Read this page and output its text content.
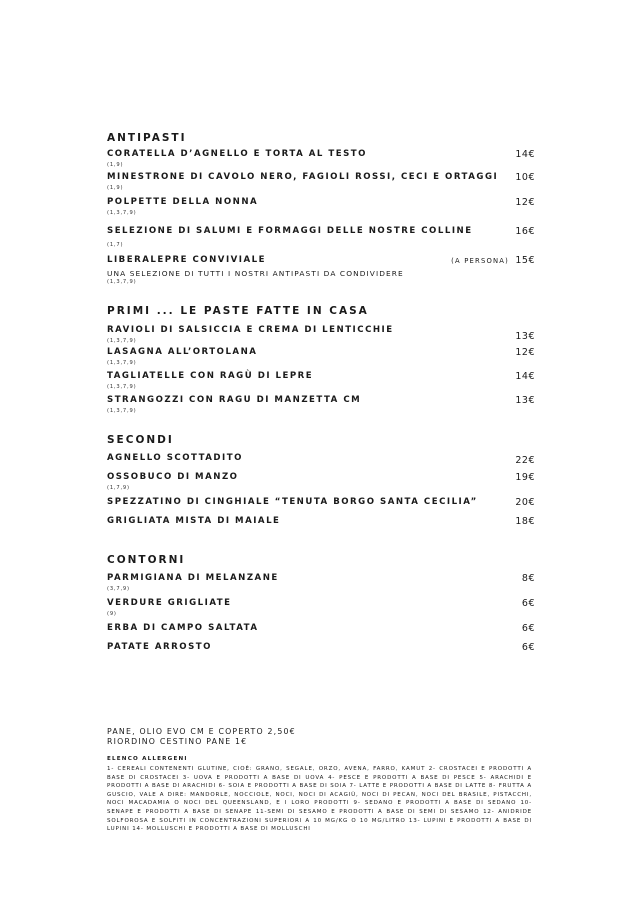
ANTIPASTI
CORATELLA D’AGNELLO E TORTA AL TESTO	14€
(1,9)
MINESTRONE DI CAVOLO NERO, FAGIOLI ROSSI, CECI E ORTAGGI 10€
(1,9)
POLPETTE DELLA NONNA	12€
(1,3,7,9)
SELEZIONE DI SALUMI E FORMAGGI DELLE NOSTRE COLLINE	16€
(1,7)
LIBERALEPRE CONVIVIALE	(A PERSONA) 15€
UNA SELEZIONE DI TUTTI I NOSTRI ANTIPASTI DA CONDIVIDERE
(1,3,7,9)
PRIMI ... LE PASTE FATTE IN CASA
RAVIOLI DI SALSICCIA E CREMA DI LENTICCHIE
13€
(1,3,7,9)
LASAGNA ALL’ORTOLANA	12€
(1,3,7,9)
TAGLIATELLE CON RAGÙ DI LEPRE	14€
(1,3,7,9)
STRANGOZZI CON RAGU DI MANZETTA CM	13€
(1,3,7,9)
SECONDI
AGNELLO SCOTTADITO	22€
OSSOBUCO DI MANZO	19€
(1,7,9)
SPEZZATINO DI CINGHIALE “TENUTA BORGO SANTA CECILIA”	20€
GRIGLIATA MISTA DI MAIALE	18€
CONTORNI
PARMIGIANA DI MELANZANE	8€
(3,7,9)
VERDURE GRIGLIATE	6€
(9)
ERBA DI CAMPO SALTATA	6€
PATATE ARROSTO	6€
PANE, OLIO EVO CM E COPERTO 2,50€
RIORDINO CESTINO PANE 1€
ELENCO ALLERGENI
1- CEREALI CONTENENTI GLUTINE, CIOÈ: GRANO, SEGALE, ORZO, AVENA, FARRO, KAMUT 2- CROSTACEI E PRODOTTI A BASE DI CROSTACEI 3- UOVA E PRODOTTI A BASE DI UOVA 4- PESCE E PRODOTTI A BASE DI PESCE 5- ARACHIDI E PRODOTTI A BASE DI ARACHIDI 6- SOIA E PRODOTTI A BASE DI SOIA 7- LATTE E PRODOTTI A BASE DI LATTE 8- FRUTTA A GUSCIO, VALE A DIRE: MANDORLE, NOCCIOLE, NOCI, NOCI DI ACAGIÙ, NOCI DI PECAN, NOCI DEL BRASILE, PISTACCHI, NOCI MACADAMIA O NOCI DEL QUEENSLAND, E I LORO PRODOTTI 9- SEDANO E PRODOTTI A BASE DI SEDANO 10- SENAPE E PRODOTTI A BASE DI SENAPE 11-SEMI DI SESAMO E PRODOTTI A BASE DI SEMI DI SESAMO 12- ANIDRIDE SOLFOROSA E SOLFITI IN CONCENTRAZIONI SUPERIORI A 10 MG/KG O 10 MG/LITRO 13- LUPINI E PRODOTTI A BASE DI LUPINI 14- MOLLUSCHI E PRODOTTI A BASE DI MOLLUSCHI
